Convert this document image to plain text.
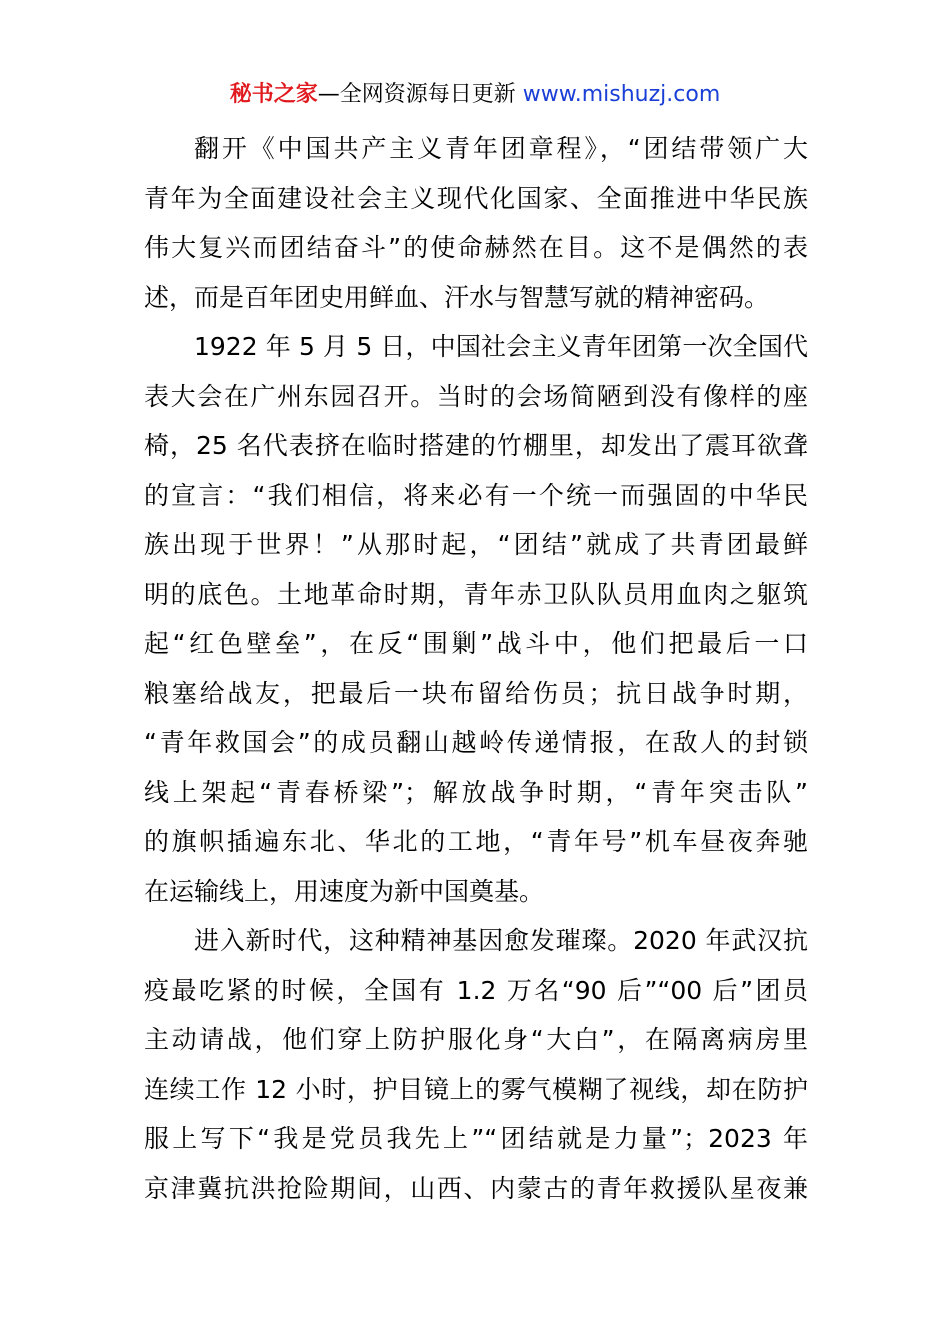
秘书之家—全网资源每日更新 www.mishuzj.com
翻开《中国共产主义青年团章程》，“团结带领广大
青年为全面建设社会主义现代化国家、全面推进中华民族
伟大复兴而团结奋斗”的使命赫然在目。这不是偶然的表
述，而是百年团史用鲜血、汗水与智慧写就的精神密码。
1922 年 5 月 5 日，中国社会主义青年团第一次全国代
表大会在广州东园召开。当时的会场简陋到没有像样的座
椅，25 名代表挤在临时搭建的竹棚里，却发出了震耳欲聋
的宣言：“我们相信，将来必有一个统一而强固的中华民
族出现于世界！”从那时起，“团结”就成了共青团最鲜
明的底色。土地革命时期，青年赤卫队队员用血肉之躯筑
起“红色壁垒”，在反“围剿”战斗中，他们把最后一口
粮塞给战友，把最后一块布留给伤员；抗日战争时期，
“青年救国会”的成员翻山越岭传递情报，在敌人的封锁
线上架起“青春桥梁”；解放战争时期，“青年突击队”
的旗帜插遍东北、华北的工地，“青年号”机车昼夜奔驰
在运输线上，用速度为新中国奠基。
进入新时代，这种精神基因愈发璀璨。2020 年武汉抗
疫最吃紧的时候，全国有 1.2 万名“90 后”“00 后”团员
主动请战，他们穿上防护服化身“大白”，在隔离病房里
连续工作 12 小时，护目镜上的雾气模糊了视线，却在防护
服上写下“我是党员我先上”“团结就是力量”；2023 年
京津冀抗洪抢险期间，山西、内蒙古的青年救援队星夜兼
